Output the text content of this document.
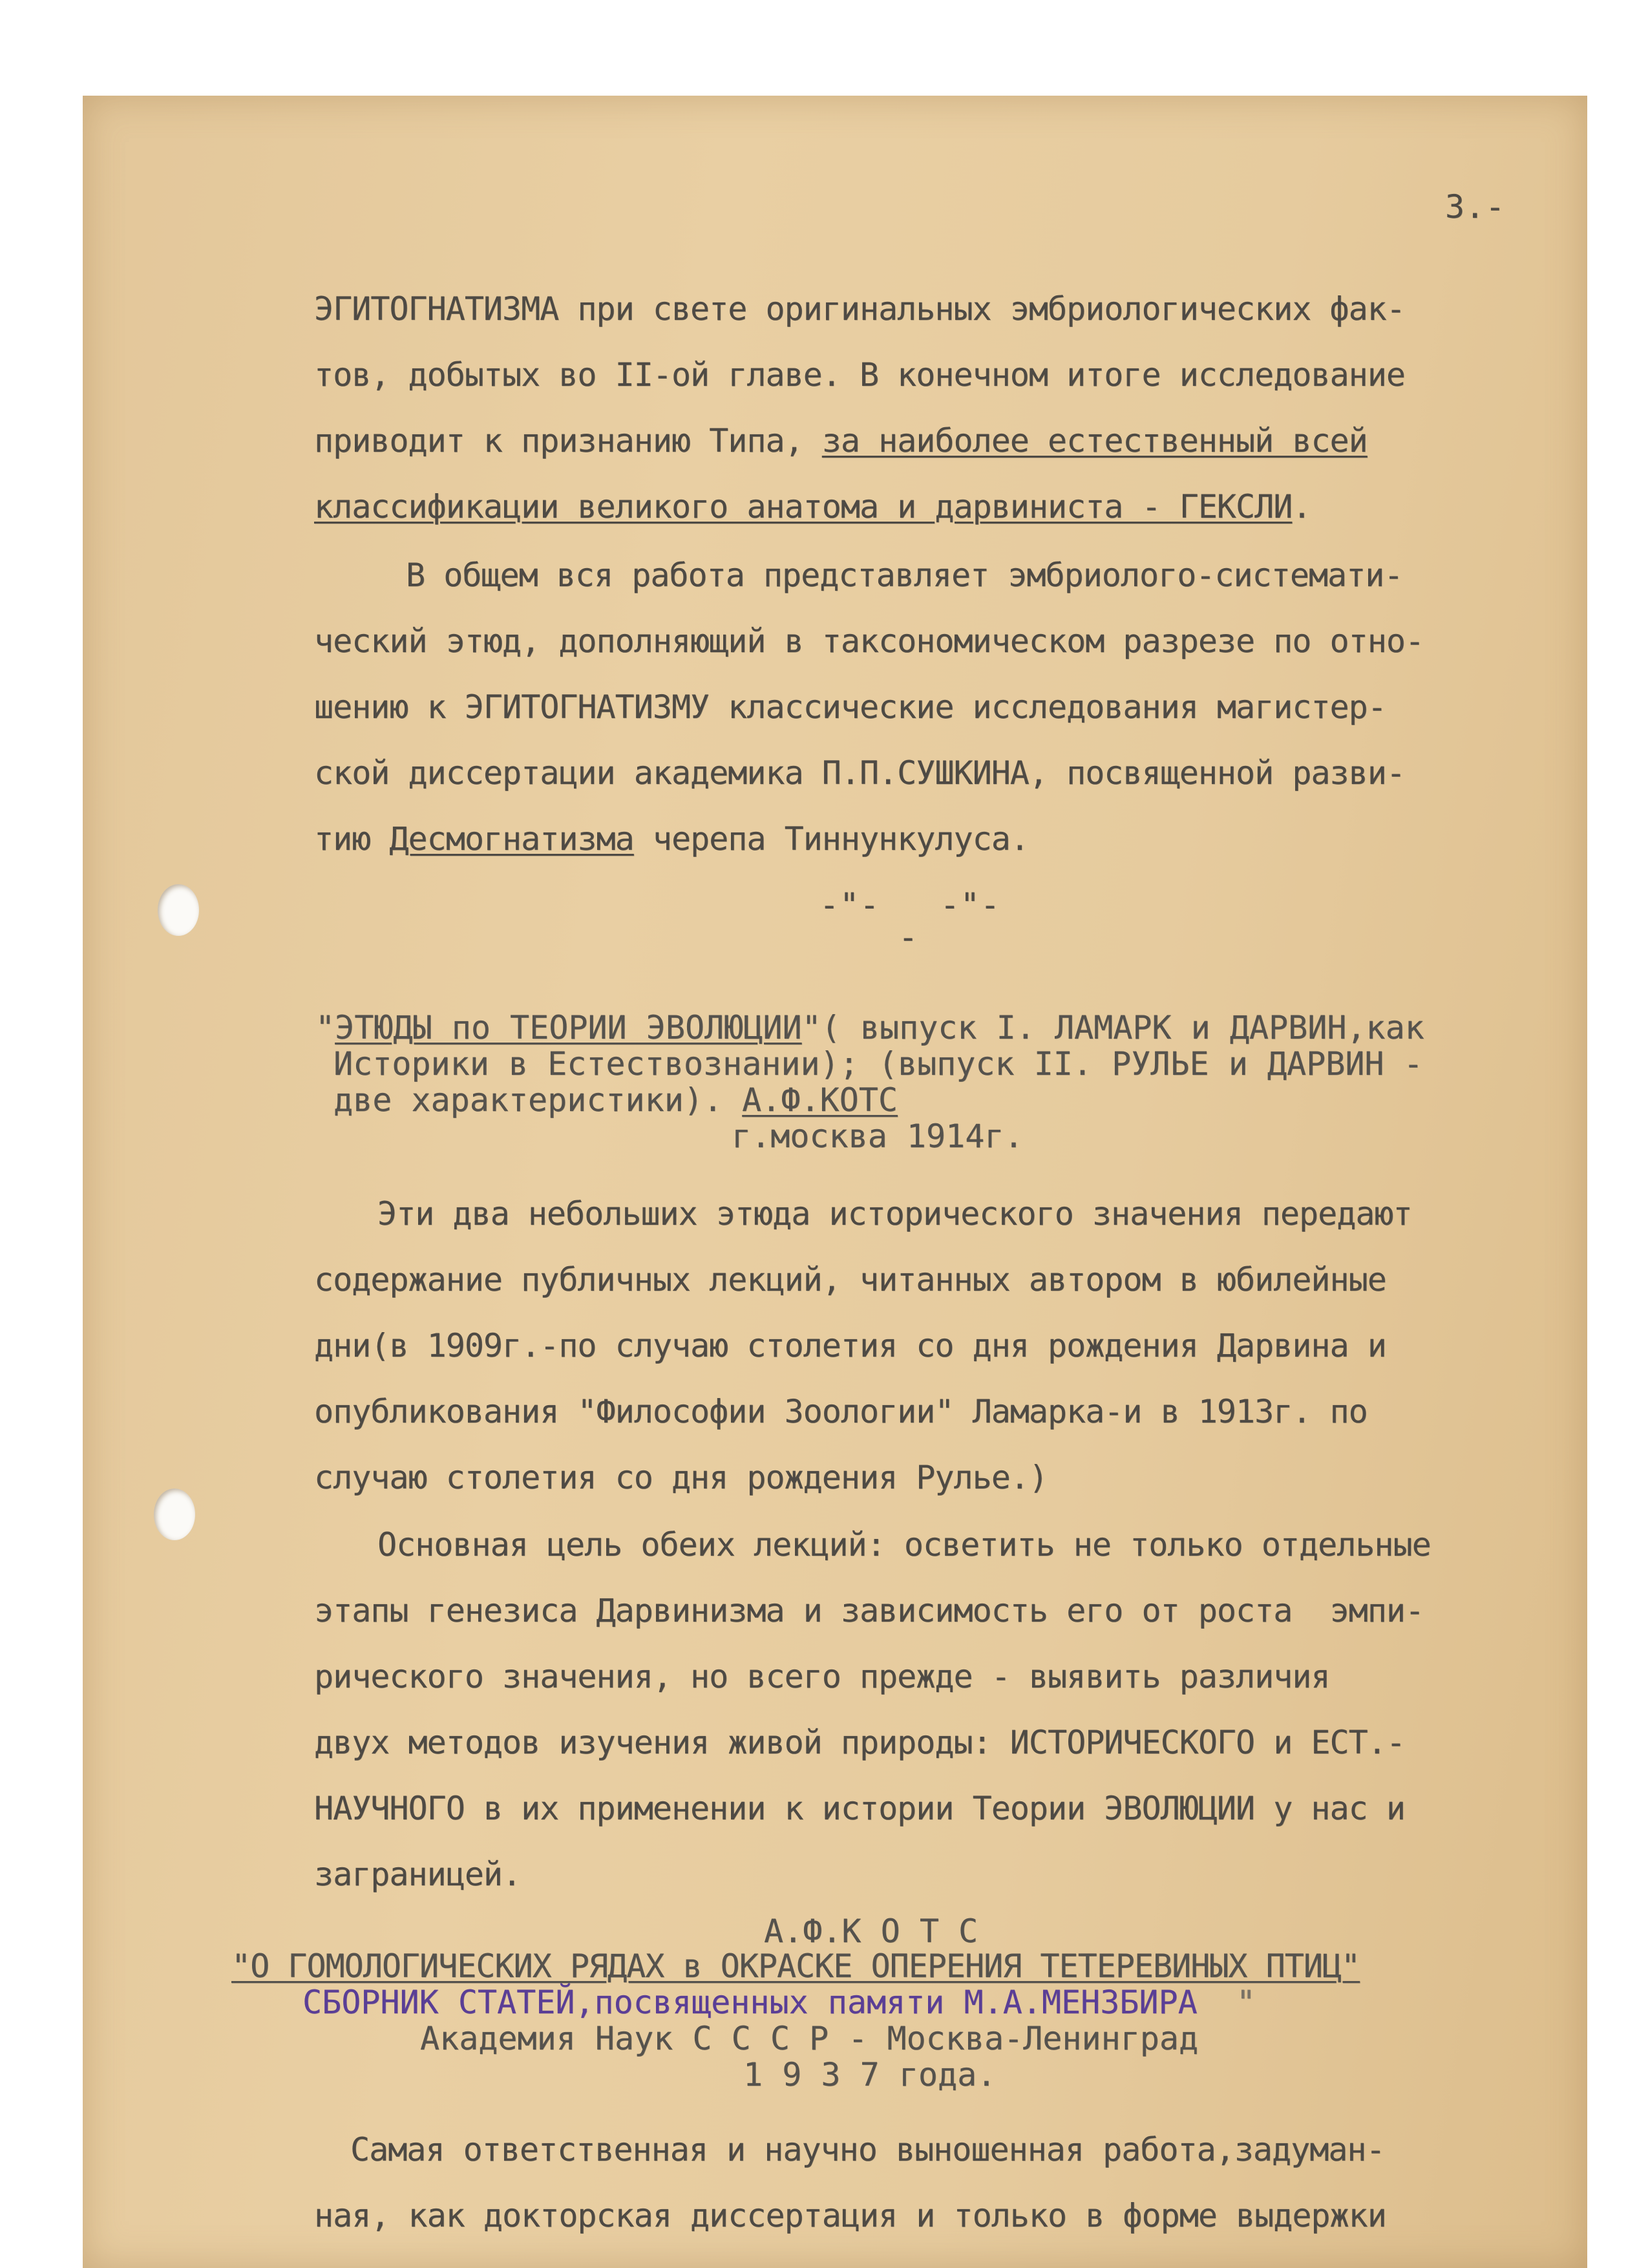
3.-
ЭГИТОГНАТИЗМА при свете оригинальных эмбриологических фак-
тов, добытых во II-ой главе. В конечном итоге исследование
приводит к признанию Типа, за наиболее естественный всей
классификации великого анатома и дарвиниста - ГЕКСЛИ.
В общем вся работа представляет эмбриолого-системати-
ческий этюд, дополняющий в таксономическом разрезе по отно-
шению к ЭГИТОГНАТИЗМУ классические исследования магистер-
ской диссертации академика П.П.СУШКИНА, посвященной разви-
тию Десмогнатизма черепа Тиннункулуса.
-"-   -"-
-
"ЭТЮДЫ по ТЕОРИИ ЭВОЛЮЦИИ"( выпуск I. ЛАМАРК и ДАРВИН,как
Историки в Естествознании); (выпуск II. РУЛЬЕ и ДАРВИН -
две характеристики). А.Ф.КОТС
г.москва 1914г.
Эти два небольших этюда исторического значения передают
содержание публичных лекций, читанных автором в юбилейные
дни(в 1909г.-по случаю столетия со дня рождения Дарвина и
опубликования "Философии Зоологии" Ламарка-и в 1913г. по
случаю столетия со дня рождения Рулье.)
Основная цель обеих лекций: осветить не только отдельные
этапы генезиса Дарвинизма и зависимость его от роста  эмпи-
рического значения, но всего прежде - выявить различия
двух методов изучения живой природы: ИСТОРИЧЕСКОГО и ЕСТ.-
НАУЧНОГО в их применении к истории Теории ЭВОЛЮЦИИ у нас и
заграницей.
А.Ф.К О Т С
"О ГОМОЛОГИЧЕСКИХ РЯДАХ в ОКРАСКЕ ОПЕРЕНИЯ ТЕТЕРЕВИНЫХ ПТИЦ"
СБОРНИК СТАТЕЙ,посвященных памяти М.А.МЕНЗБИРА "
Академия Наук С С С Р - Москва-Ленинград
1 9 3 7 года.
Самая ответственная и научно выношенная работа,задуман-
ная, как докторская диссертация и только в форме выдержки
